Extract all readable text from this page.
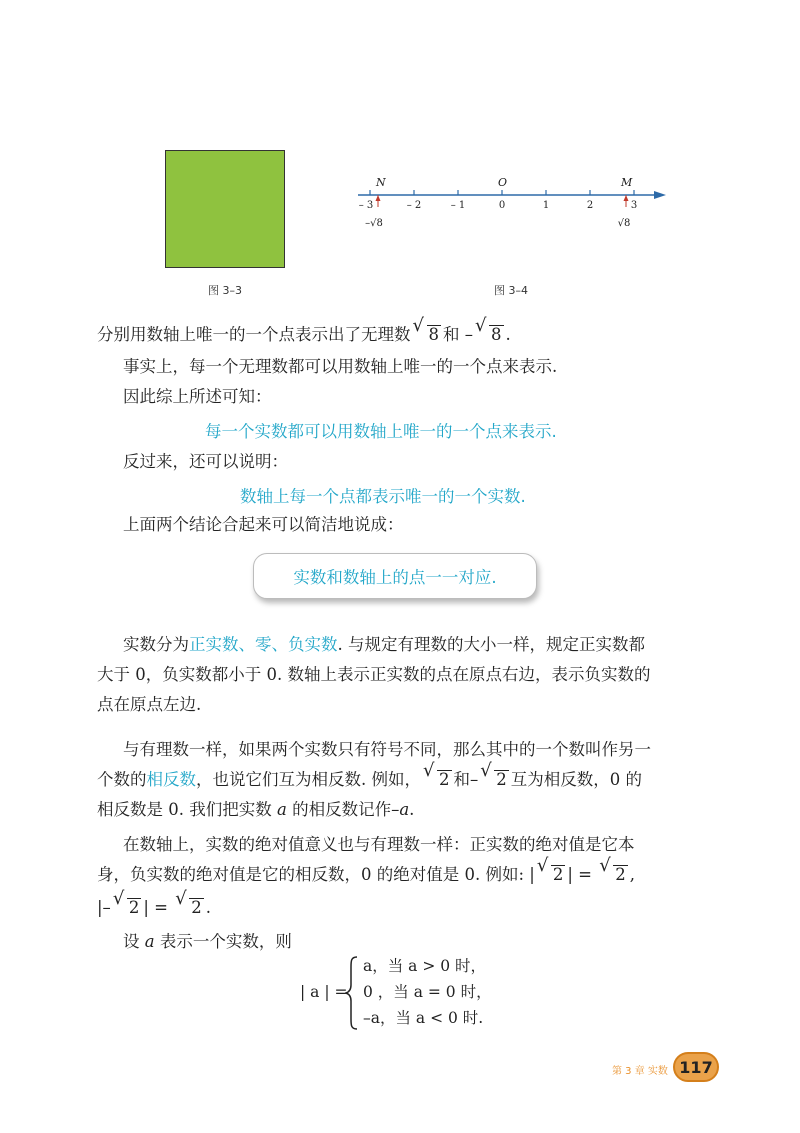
图 3–3
N	O	M
– 3	– 2	– 1	0	1	2	3
–√8	√8
图 3–4
分别用数轴上唯一的一个点表示出了无理数 √ 8 和 – √ 8 .
事实上，每一个无理数都可以用数轴上唯一的一个点来表示.
因此综上所述可知：
每一个实数都可以用数轴上唯一的一个点来表示.
反过来，还可以说明：
数轴上每一个点都表示唯一的一个实数.
上面两个结论合起来可以简洁地说成：
实数和数轴上的点一一对应.
实数分为正实数、零、负实数. 与规定有理数的大小一样，规定正实数都
大于 0，负实数都小于 0. 数轴上表示正实数的点在原点右边，表示负实数的
点在原点左边.
与有理数一样，如果两个实数只有符号不同，那么其中的一个数叫作另一
个数的相反数，也说它们互为相反数. 例如， √ 2 和– √ 2 互为相反数，0 的
相反数是 0. 我们把实数 a 的相反数记作–a.
在数轴上，实数的绝对值意义也与有理数一样：正实数的绝对值是它本
身，负实数的绝对值是它的相反数，0 的绝对值是 0. 例如: | √ 2 | = √ 2 ,
|– √ 2 | = √ 2 .
设 a 表示一个实数，则
| a | =
a，当 a > 0 时，
0 ，当 a = 0 时，
–a，当 a < 0 时.
第 3 章 实数 117
